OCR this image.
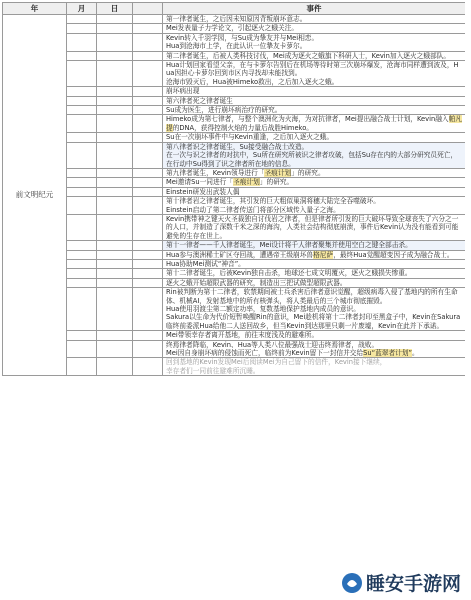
年	月	日		事件
前文明纪元				第一律者诞生，之后因未知原因背叛崩坏意志。
				Mei发表量子力学论文，引起逐火之蛾关注。
				Kevin转入千羽学园，与Su成为挚友并与Mei相恋。
Hua到沧海市上学，在此认识一位摯友卡萝尔。
				第二律者诞生，后被人类科技讨伐，Mei成为逐火之蛾旗下科研人士，Kevin加入逐火之蛾部队。
				Hua计划回家看望父亲，在与卡萝尔告别后在机场等待时第三次崩坏爆发，沧海市同样遭到波及，Hua因担心卡萝尔回到市区内寻找却未能找到。
沧海市毁灭后，Hua被Himeko救出，之后加入逐火之蛾。
				崩坏病出现
				第六律者死之律者诞生
				Su成为医生，进行崩坏病治疗的研究。
				Himeko成为第七律者，与整个澳洲化为火海，为对抗律者，Mei提出融合战士计划，Kevin融入帕凡提的DNA，获得控制火焰的力量后战胜Himeko。
				Su在一次崩坏事件中与Kevin重逢，之后加入逐火之蛾。
				第八律者识之律者诞生，Su接受融合战士改造。
在一次与识之律者的对抗中，Su所在研究所被识之律者攻破，包括Su存在内的大部分研究员死亡，在行动中Su得到了识之律者所在地的信息。
				第九律者诞生，Kevin领导进行「圣痕计划」的研究。
				Mei邀请Su一同进行「圣痕计划」的研究。
				Einstein研发出武装人偶
				第十律者岩之律者诞生，其引发的巨大粗似巢洞将穗大陆完全吞噬破坏。
Einstein启动了第二律者传送门将部分区域传入量子之海。
				Kevin携带神之键天火圣裁独自讨伐岩之律者，但是律者所引发的巨大破坏导致全球丧失了六分之一的人口，并制造了深数千米之深的海沟，人类社会结构彻底崩溃，事件后Kevin认为没有能看到可能避免的生存在世上。
				第十一律者——千人律者诞生，Mei设计将千人律者聚集并使用空白之键全部击杀。
				Hua参与澳洲稀土矿区夺回战，遭遇帝王级崩坏兽格尼萨，最终Hua觉醒超变因子成为融合战士。
				Hua协助Mei测试“神音”。
				第十二律者诞生，后被Kevin独自击杀，地球还七成文明覆灭，逐火之蛾损失惨重。
				逐火之蛾开始超限武器的研究，制造出三把试做型超限武器。
				Rin被判断为第十二律者，软禁期间被士兵杀害后律者意识觉醒，超级病毒入侵了基地内的所有生命体、机械AI，发射基地中的所有核弹头，将人类最后的三个城市彻底摧毁。
Hua使用羽渡尘第二额定功率，复数基地保护基地内成员的意识。
Sakura以生命为代价短暂唤醒Rin的意识，Mei趁机将第十二律者封印至黑盒子中，Kevin在Sakura临终前委派Hua给他二人送回故乡，但当Kevin到达那里只剩一片废墟，Kevin在此并下承诺。
				Mei带领幸存者离开基地，前往末度浅及的避难所。
				终焉律者降临，Kevin、Hua等人类八位最强战士迎击终焉律者，战败。
Mei因自身崩坏病的侵蚀而死亡，临终前为Kevin留下一封信并交给Su“蓝翠者计划”。
				回到基地的Kevin发现Mei后阅读Mei为自己留下的信件，Kevin接下继续，
幸存者们一同前往避难所沉睡。
睡安手游网
